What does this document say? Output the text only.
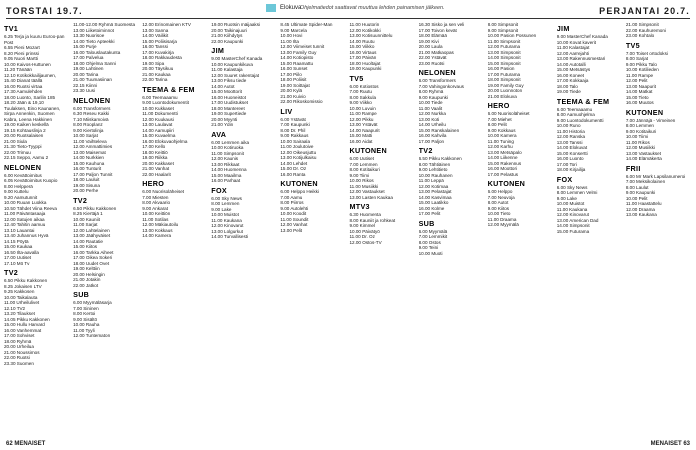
TORSTAI 19.7.	Elokuva
Ohjelmatiedot saattavat muuttua lehden painamisen jälkeen.	PERJANTAI 20.7.
TV1
6.25 Terja ja kuuru Euroo-pan Post
6.55 Pieni Mozart
8.20 Pieni prinssi
9.05 Nuori Martti
10.00 Kaivos-Huttunen
11.20 Tänään
12.10 Kotikokkailijaumen,
15.40 Dianat täällä
16.00 Ruotsi virtaa
17.30 Aamulehden
18.00 Luonto, Sarilin 185
18.20 Jään & 19,10
Tuulaksen, Eino Kaunanen,
Sirpa Annenkin, Suomen
Kabra, Leena Hakkinen
19.00 Kaiken keskellä
19.15 Kohtauslinja 2
20.00 Ruotsalaisen
21.00 Siula
21.30 Tieto-Tyyppi
22.00 Trimuu
22.15 Seppo, Aamu 2
NELONEN
6.00 Kevättoimitus
6.05 Kevättoimitus Kuopio
8.00 Helpperä
9.00 Kuttelu
9.20 Aamutunnit
10.00 Ruuan Luokka
10.50 Tähdet Viina Reeva
11.00 Päiväntasaaja
12.00 Satujen aikaa
12.40 Tahitin aamuu
13.10 Lauantai
13.40 Juhannus Hyvä
14.15 Pöytä
15.00 Kaukaa
16.50 Ilta-aavalla
17.00 Uutiset
17.10 Mö Tv
TV2
6.50 Pikku Kakkonen
8.25 Jokaisen LTV
9.25 Kakkosen
10.00 Taikalauta
11.00 Urheilulivet
12.10 TV2
13.20 Tilaukset
14.05 Pikku Kakkonen
15.00 Hullu Harvard
16.00 Vanhemmat
17.00 Sohviset
18.00 Ryhmä
20.00 Urheilua
21.00 Noussimos
22.00 Ruotsi
23.30 Suomen
11.00-12.00 Ryhmä Suomesta
13.00 Liiketoiminnot
13.30 Nuorisoe
14.00 Tieto Apteekki
15.00 Purje
16.00 Talouslautakunta
17.00 Palvelua
18.00 Ohjelma Sanni
19.00 Lahtinen
20.00 Tarina
21.00 Tuumasiinan
22.15 Kiinni
23.30 Uusi
NELONEN
6.00 Transformers
6.30 Reseu Kakki
7.10 Miiskamoivä
8.00 Rooplanz
9.00 Kiertolinja
10.00 Sarjat
11.00 Vaihteleva
12.00 Ammattimies
13.00 Maisemat
14.00 Nurkkien
15.00 Kauhuna
16.00 Tunturit
17.00 Paljon Tunnit
18.00 Lauluit
19.00 Sisuna
20.00 Perhe
TV2
6.50 Pikku Kakkonen
8.25 Kiertäjä 1
10.00 Kauniit
11.00 Sarjat
12.00 Lahtelainen
13.00 Jäähyväiset
14.00 Rautatie
15.00 Kiitos
16.00 Tarkka Aiheet
17.00 Oikea Sokeri
18.00 Uudet Ovet
19.00 Kelttiin
20.00 Helsingin
21.00 Jotakin
22.00 Jatkot
SUB
6.00 Myymäläsarja
7.00 Sininen
8.00 Kertoi
9.00 Sisältö
10.00 Rauha
11.00 Tyyli
12.00 Tuntematon
12.00 Erinomainen KTV
13.00 Sanna
14.00 Väilikit
15.00 Poliisisarja
16.00 Tanssi
17.00 Kuvakirja
18.00 Rakkaudesta
19.00 Sipa
20.00 Täysikuu
21.00 Kaukaa
22.00 Tarina
TEEMA & FEM
6.00 Teemaaamu
9.00 Luontodokumentit
10.00 Kukkaset
11.00 Dokumentti
12.00 Kuukausi
13.00 Laulavat
14.00 Aamupiiri
15.00 Kuvaelma
16.00 Elokuvaohjelma
17.00 Kello
18.00 Keittiö
19.00 Riikka
20.00 Kakkaset
21.00 Vanhat
22.00 Haalarit
HERO
6.00 Nuorisoläheiset
7.00 Miesten
8.00 Akvaario
9.00 Ankarat
10.00 Keittiön
11.00 Sotilas
12.00 Mäkiautoilu
13.00 Kokkaus
14.00 Kamera
19.00 Ruotsin mäijaaksi
20.00 Taikinajuuri
21.00 Kiihdytys
22.00 Kaupunki
JIM
9.00 MasterChef Kanada
10.00 Kaupunkikuva
11.00 Kalastaja
12.00 Suuret rakentajat
13.00 Fiksu tiede
14.00 Autot
15.00 Moottorit
16.00 Huoneistot
17.00 Uudistukset
18.00 Mantereet
19.00 Supertiede
20.00 Myynti
21.00 Ydin
AVA
6.00 Lemmen aika
10.00 Kotiruoka
11.00 Simpsonit
12.00 Kaunis
13.00 Rikkaat
14.00 Huomenna
15.00 Maailma
16.00 Parhaat
FOX
6.00 Sky News
8.00 Lemmen
9.00 Lake
10.00 Muistot
11.00 Kaukana
12.00 Kinovarut
13.00 Lolgurkut
14.00 Turvallisesti
8.45 Ultimate Spider-Man
9.00 Marcela
10.00 Hovi
11.00 Ilta
12.00 Viimeiset tunnit
13.00 Family Guy
14.00 Kotiopisto
15.00 Raamattu
16.00 Sunset
17.00 Piilo
18.00 Poliisit
19.00 Soittajat
20.00 Kylä
21.00 Kuivio
22.00 Rikoskomissio
LIV
6.00 Ystävät
7.00 Kaupunki
8.00 Dr. Phil
9.00 Rakkaus
10.00 Sairaala
11.00 Joulutoive
12.00 Oikeusjuttu
13.00 Kotijulkaisu
14.00 Lehdet
15.00 Dr. Oz
16.00 Ranta
KUTONEN
6.00 Helppo Heikki
7.00 Aamu
8.00 Piirros
9.00 Autolehti
10.00 Koodit
11.00 Soundit
12.00 Vanhat
13.00 Pelit
11.00 Huutorin
12.00 Kotikokki
13.00 Kotisuunnittelu
14.00 Ruutu
15.00 Viikko
16.00 Virtaus
17.00 Päivän
18.00 Huoltajat
19.00 Kaupunki
TV5
6.00 Kotiostos
7.00 Ruutu
8.00 Sakkula
9.00 Viikko
10.00 Luvuin
11.00 Rampe
12.00 Pikku
13.00 Ystävät
14.00 Naapurit
15.00 Matti
16.00 Aidat
KUTONEN
6.00 Uutiset
7.00 Lemmen
8.00 Kotitaikuri
9.00 Tiimi
10.00 Rikos
11.00 Musiikki
12.00 Vastaukset
13.00 Lasten Kaukaa
MTV3
6.30 Huomenta
8.00 Kauniit ja rohkeat
9.00 Kimmel
10.00 Päivätyö
11.00 Dr. Oz
12.00 Ostos-TV
16.30 Sisko ja sen veli
17.00 Toivon kevät
18.00 Elämää
19.00 Kivi
20.00 Laula
21.00 Matkaopas
22.00 Ystävät
23.00 Ruotsi
NELONEN
6.00 Transformers
7.00 Vahingonkorvaus
8.00 Ryhmä
9.00 Kaupunki
10.00 Tiede
11.00 Vaalit
12.00 Nurkka
13.00 Koti
14.00 Urheilu
15.00 Ranskalainen
16.00 Kahvila
17.00 Paljon
TV2
6.50 Pikku Kakkonen
8.00 Tähtiäinen
9.00 Lehtitieto
10.00 Rauhanen
11.00 Leppä
12.00 Kotimaa
13.00 Pelastajat
14.00 Kasvimaa
15.00 Laatikko
16.00 Kolme
17.00 Pelit
SUB
6.00 Myymälä
7.00 Lemmikit
8.00 Ostos
9.00 Teini
10.00 Muoti
8.00 Simpsonit
9.00 Simpsonit
10.00 Pasion Possunen
11.00 Simpsonit
12.00 Futurama
13.00 Simpsonit
14.00 Simpsonit
15.00 Simpsonit
16.00 Pasion
17.00 Futurama
18.00 Simpsonit
19.00 Family Guy
20.00 Luonnoton
21.00 Elokuva
HERO
6.00 Nuorisoläheiset
7.00 Miehet
8.00 Pelit
9.00 Kokkaus
10.00 Kamera
11.00 Tuning
12.00 Karhu
13.00 Metsäpalo
14.00 Liikenne
15.00 Rakennus
16.00 Moottori
17.00 Pelastus
KUTONEN
6.00 Helppo
7.00 Neuvoja
8.00 Autot
9.00 Kiitos
10.00 Tieto
11.00 Draama
12.00 Myymälä
JIM
9.00 MasterChef Kanada
10.00 Kovat kaverit
11.00 Kalastajat
12.00 Aarrejahti
13.00 Rakennusmestari
14.00 Autotalli
15.00 Metsästys
16.00 Koneet
17.00 Kokkaaja
18.00 Talo
19.00 Tiede
TEEMA & FEM
6.00 Teemaaamu
8.00 Aamuohjelma
9.00 Luontodokumentti
10.00 Runo
11.00 Historia
12.00 Ranska
13.00 Tanssi
14.00 Elokuvat
15.00 Konsertti
16.00 Luonto
17.00 Tori
18.00 Kirjailija
FOX
6.00 Sky News
8.00 Lemmen Velmi
9.00 Lake
10.00 Muistot
11.00 Kaukana
12.00 Kinovarut
13.00 American Dad
14.00 Simpsonit
15.00 Futurama
21.00 Simpsonit
22.00 Kauhuremoni
23.00 Kohtalo
TV5
7.00 Toiset ortodoksi
8.00 Sarjat
9.00 Pikku Talo
10.00 Kotilieden
11.00 Rampe
12.00 Pelit
13.00 Naapurit
14.00 Matkat
15.00 Tieto
16.00 Muutos
KUTONEN
7.00 Jännäjä - Vimeinen
8.00 Lemmen
9.00 Kotitaikuri
10.00 Tiimi
11.00 Rikos
12.00 Musiikki
13.00 Vastaukset
14.00 Elämäkerta
FRII
6.00 Mr Mark Lapsilanumeroi
7.00 Meksikolainen
8.00 Laulut
9.00 Kaupunki
10.00 Pelit
11.00 Haastattelu
12.00 Draama
13.00 Kaukana
62 MENAISET	MENAISET 63
